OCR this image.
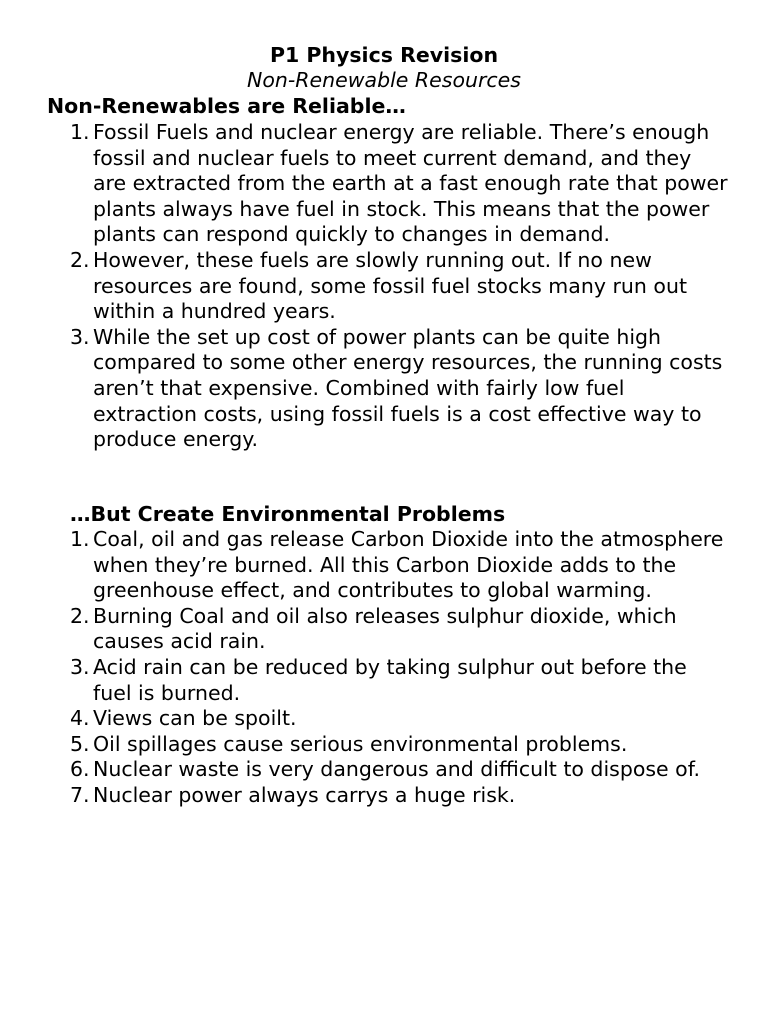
P1 Physics Revision
Non-Renewable Resources
Non-Renewables are Reliable…
1. Fossil Fuels and nuclear energy are reliable. There’s enough fossil and nuclear fuels to meet current demand, and they are extracted from the earth at a fast enough rate that power plants always have fuel in stock. This means that the power plants can respond quickly to changes in demand.
2. However, these fuels are slowly running out. If no new resources are found, some fossil fuel stocks many run out within a hundred years.
3. While the set up cost of power plants can be quite high compared to some other energy resources, the running costs aren’t that expensive. Combined with fairly low fuel extraction costs, using fossil fuels is a cost effective way to produce energy.
…But Create Environmental Problems
1. Coal, oil and gas release Carbon Dioxide into the atmosphere when they’re burned. All this Carbon Dioxide adds to the greenhouse effect, and contributes to global warming.
2. Burning Coal and oil also releases sulphur dioxide, which causes acid rain.
3. Acid rain can be reduced by taking sulphur out before the fuel is burned.
4. Views can be spoilt.
5. Oil spillages cause serious environmental problems.
6. Nuclear waste is very dangerous and difficult to dispose of.
7. Nuclear power always carrys a huge risk.
